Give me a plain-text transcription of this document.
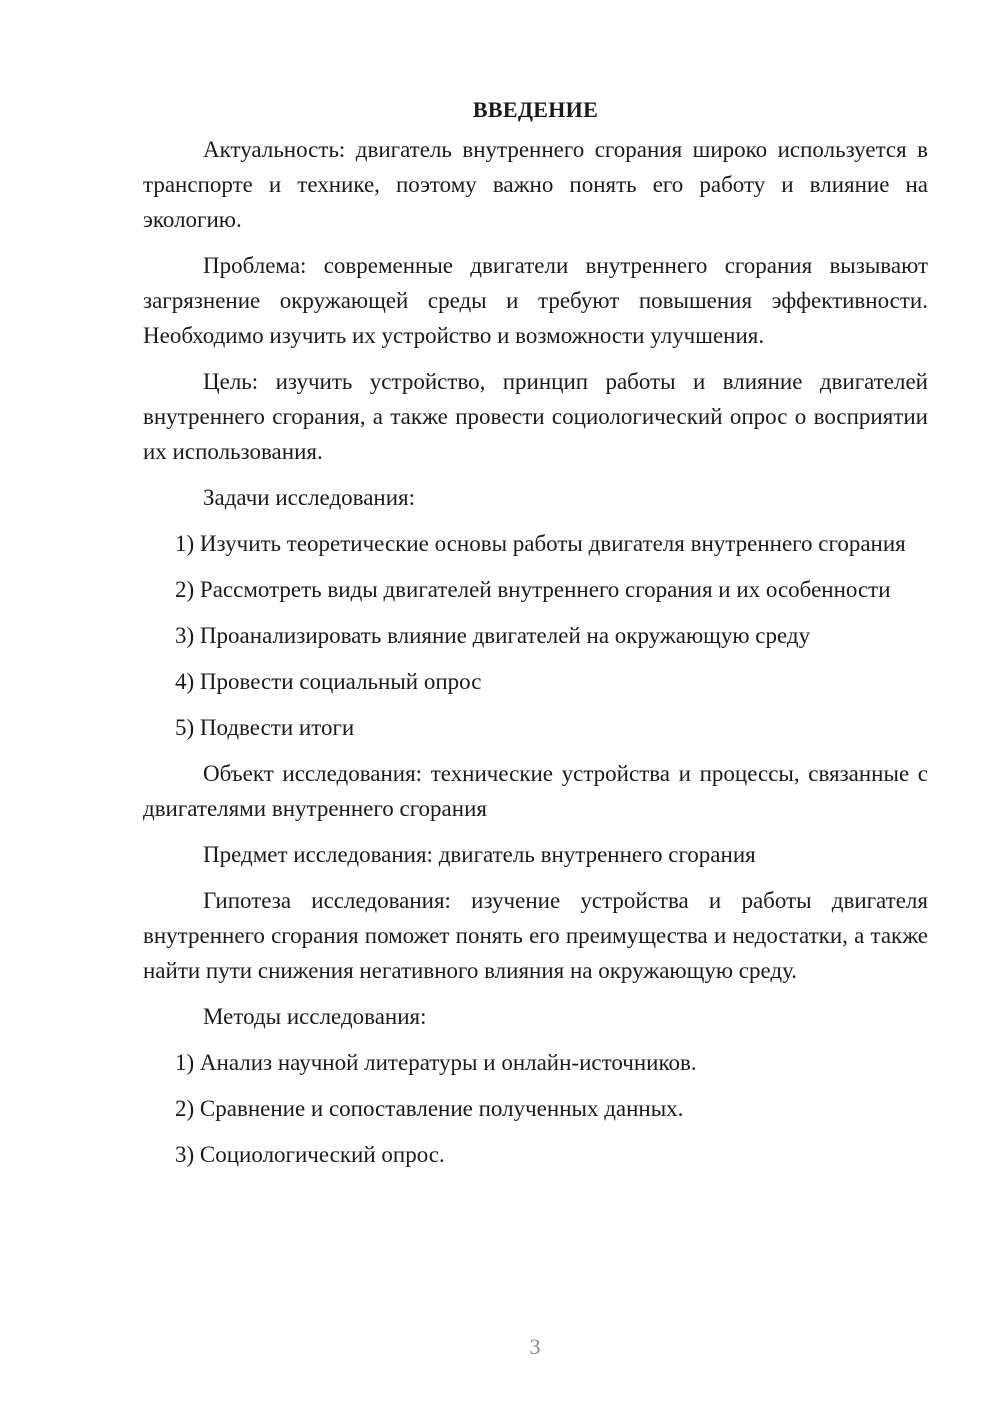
ВВЕДЕНИЕ

Актуальность: двигатель внутреннего сгорания широко используется в транспорте и технике, поэтому важно понять его работу и влияние на экологию.

Проблема: современные двигатели внутреннего сгорания вызывают загрязнение окружающей среды и требуют повышения эффективности. Необходимо изучить их устройство и возможности улучшения.

Цель: изучить устройство, принцип работы и влияние двигателей внутреннего сгорания, а также провести социологический опрос о восприятии их использования.

Задачи исследования:

1) Изучить теоретические основы работы двигателя внутреннего сгорания

2) Рассмотреть виды двигателей внутреннего сгорания и их особенности

3) Проанализировать влияние двигателей на окружающую среду

4) Провести социальный опрос

5) Подвести итоги

Объект исследования: технические устройства и процессы, связанные с двигателями внутреннего сгорания

Предмет исследования: двигатель внутреннего сгорания

Гипотеза исследования: изучение устройства и работы двигателя внутреннего сгорания поможет понять его преимущества и недостатки, а также найти пути снижения негативного влияния на окружающую среду.

Методы исследования:

1) Анализ научной литературы и онлайн-источников.

2) Сравнение и сопоставление полученных данных.

3) Социологический опрос.

3
